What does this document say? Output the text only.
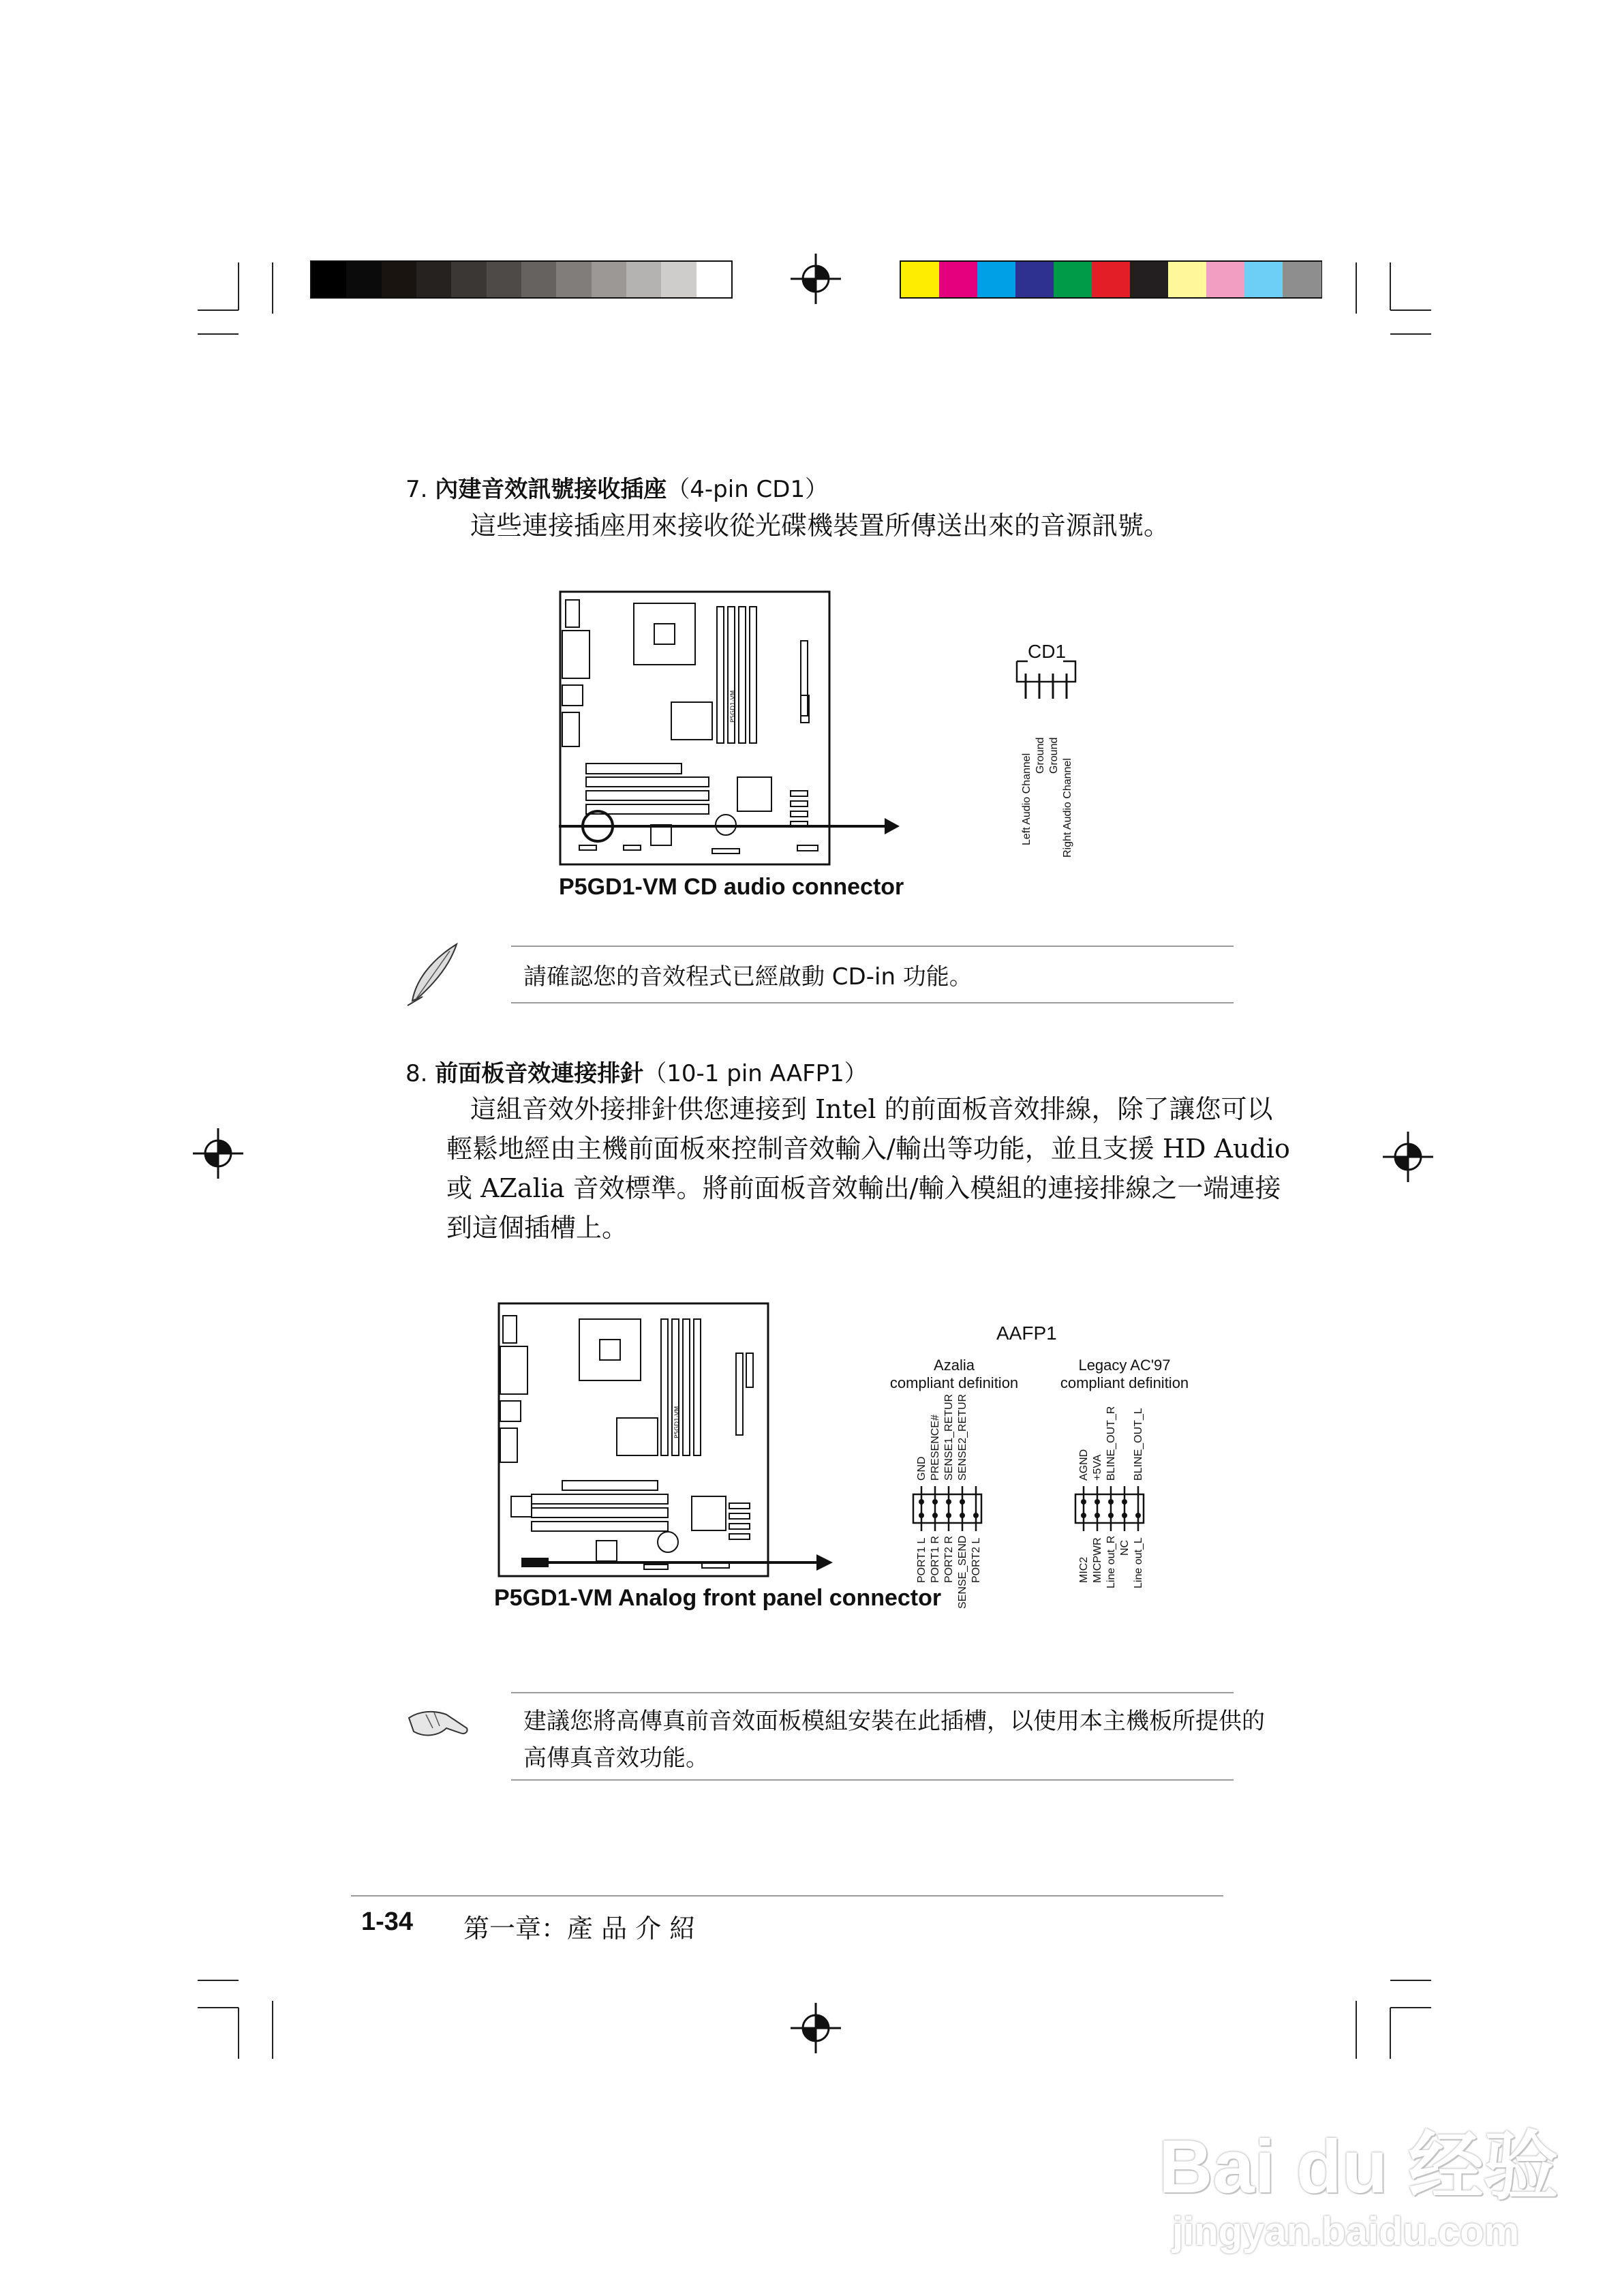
7. 內建音效訊號接收插座（4-pin CD1）
這些連接插座用來接收從光碟機裝置所傳送出來的音源訊號。
P5GD1-VM
CD1
Left Audio Channel Ground Ground
Right Audio Channel
P5GD1-VM CD audio connector
請確認您的音效程式已經啟動 CD-in 功能。
8. 前面板音效連接排針（10-1 pin AAFP1）
這組音效外接排針供您連接到 Intel 的前面板音效排線，除了讓您可以
輕鬆地經由主機前面板來控制音效輸入/輸出等功能，並且支援 HD Audio
或 AZalia 音效標準。將前面板音效輸出/輸入模組的連接排線之一端連接
到這個插槽上。
P5GD1-VM
AAFP1
Azalia
compliant definition
Legacy AC'97
compliant definition
GND PRESENCE# SENSE1_RETUR SENSE2_RETUR
PORT1 L PORT1 R PORT2 R SENSE_SEND PORT2 L
AGND +5VA BLINE_OUT_R BLINE_OUT_L
MIC2 MICPWR Line out_R NC Line out_L
P5GD1-VM Analog front panel connector
建議您將高傳真前音效面板模組安裝在此插槽，以使用本主機板所提供的
高傳真音效功能。
1-34 第一章：產 品 介 紹
Bai du 经验
jingyan.baidu.com
